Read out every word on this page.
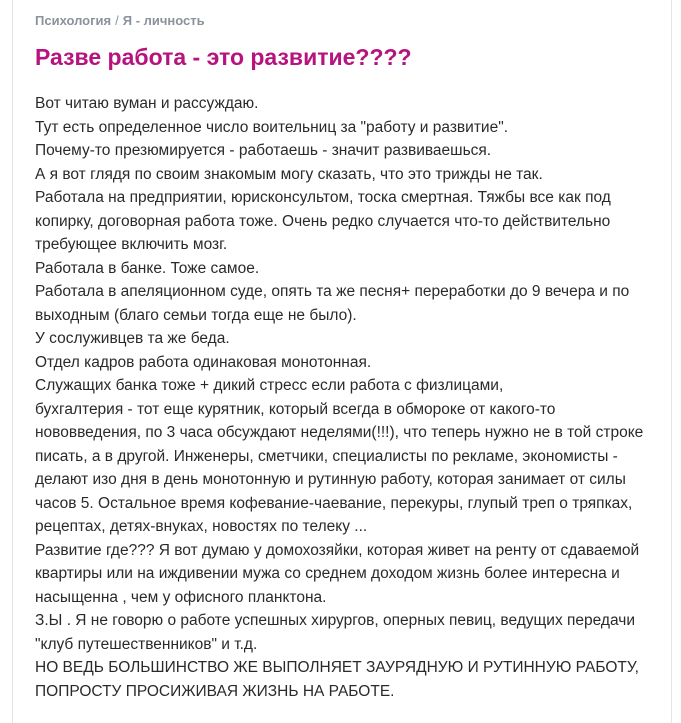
Психология / Я - личность
Разве работа - это развитие????

Вот читаю вуман и рассуждаю.

Тут есть определенное число воительниц за "работу и развитие".

Почему-то презюмируется - работаешь - значит развиваешься.

А я вот глядя по своим знакомым могу сказать, что это трижды не так.

Работала на предприятии, юрисконсультом, тоска смертная. Тяжбы все как под копирку, договорная работа тоже. Очень редко случается что-то действительно требующее включить мозг.

Работала в банке. Тоже самое.

Работала в апеляционном суде, опять та же песня+ переработки до 9 вечера и по выходным (благо семьи тогда еще не было).

У сослуживцев та же беда.

Отдел кадров работа одинаковая монотонная.

Служащих банка тоже + дикий стресс если работа с физлицами,

бухгалтерия - тот еще курятник, который всегда в обмороке от какого-то нововведения, по 3 часа обсуждают неделями(!!!), что теперь нужно не в той строке писать, а в другой. Инженеры, сметчики, специалисты по рекламе, экономисты - делают изо дня в день монотонную и рутинную работу, которая занимает от силы часов 5. Остальное время кофевание-чаевание, перекуры, глупый треп о тряпках, рецептах, детях-внуках, новостях по телеку ...

Развитие где??? Я вот думаю у домохозяйки, которая живет на ренту от сдаваемой квартиры или на иждивении мужа со среднем доходом жизнь более интересна и насыщенна , чем у офисного планктона.

З.Ы . Я не говорю о работе успешных хирургов, оперных певиц, ведущих передачи "клуб путешественников" и т.д.

НО ВЕДЬ БОЛЬШИНСТВО ЖЕ ВЫПОЛНЯЕТ ЗАУРЯДНУЮ И РУТИННУЮ РАБОТУ, ПОПРОСТУ ПРОСИЖИВАЯ ЖИЗНЬ НА РАБОТЕ.
